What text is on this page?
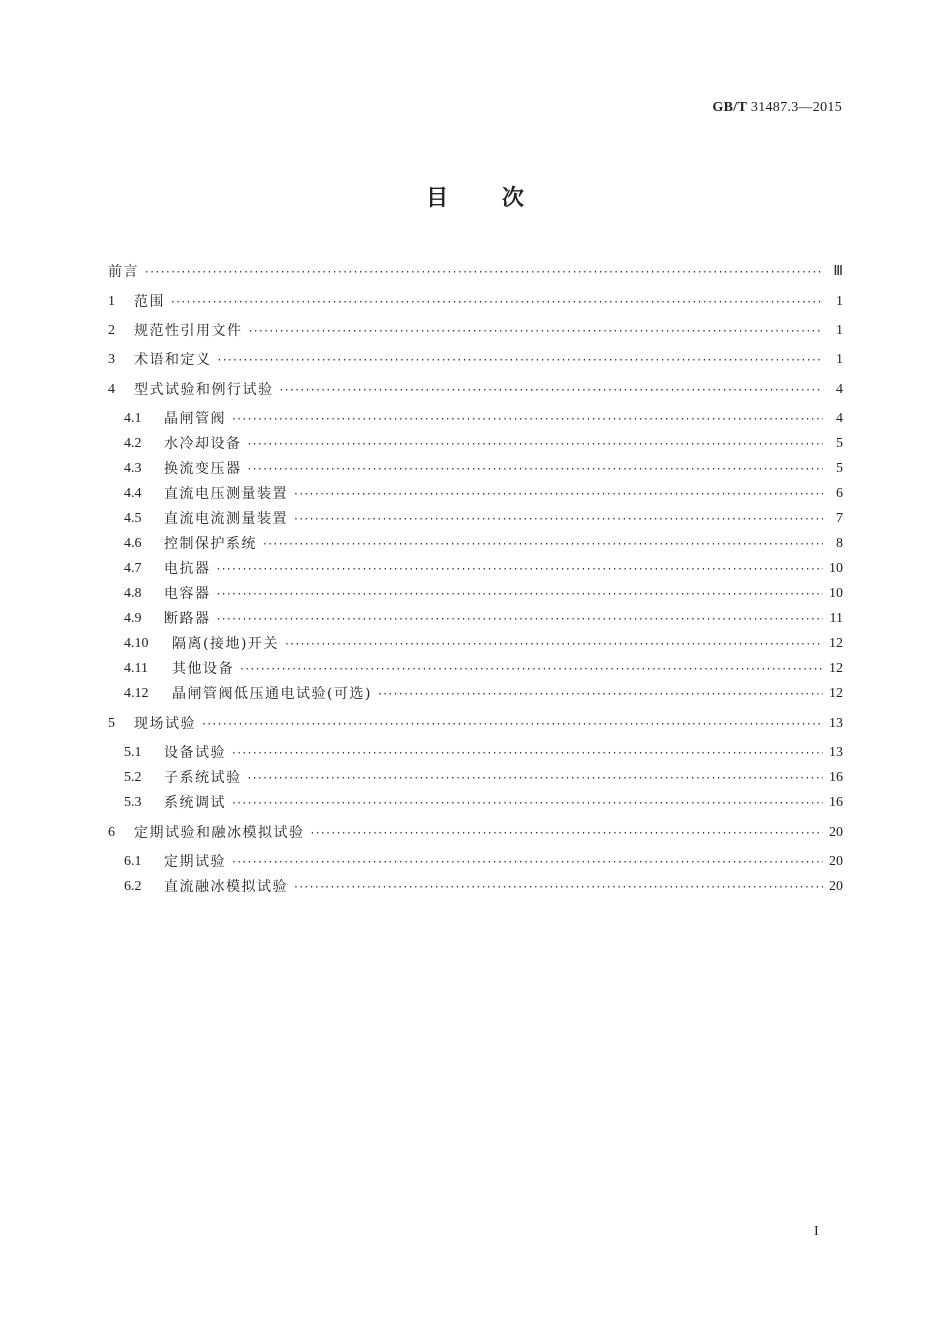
GB/T 31487.3—2015
目 次
前言 ·····	Ⅲ
1	范围 ·····	1
2	规范性引用文件 ·····	1
3	术语和定义 ·····	1
4	型式试验和例行试验 ·····	4
4.1	晶闸管阀 ·····	4
4.2	水冷却设备 ·····	5
4.3	换流变压器 ·····	5
4.4	直流电压测量装置 ·····	6
4.5	直流电流测量装置 ·····	7
4.6	控制保护系统 ·····	8
4.7	电抗器 ·····	10
4.8	电容器 ·····	10
4.9	断路器 ·····	11
4.10	隔离(接地)开关 ·····	12
4.11	其他设备 ·····	12
4.12	晶闸管阀低压通电试验(可选) ·····	12
5	现场试验 ·····	13
5.1	设备试验 ·····	13
5.2	子系统试验 ·····	16
5.3	系统调试 ·····	16
6	定期试验和融冰模拟试验 ·····	20
6.1	定期试验 ·····	20
6.2	直流融冰模拟试验 ·····	20
I
